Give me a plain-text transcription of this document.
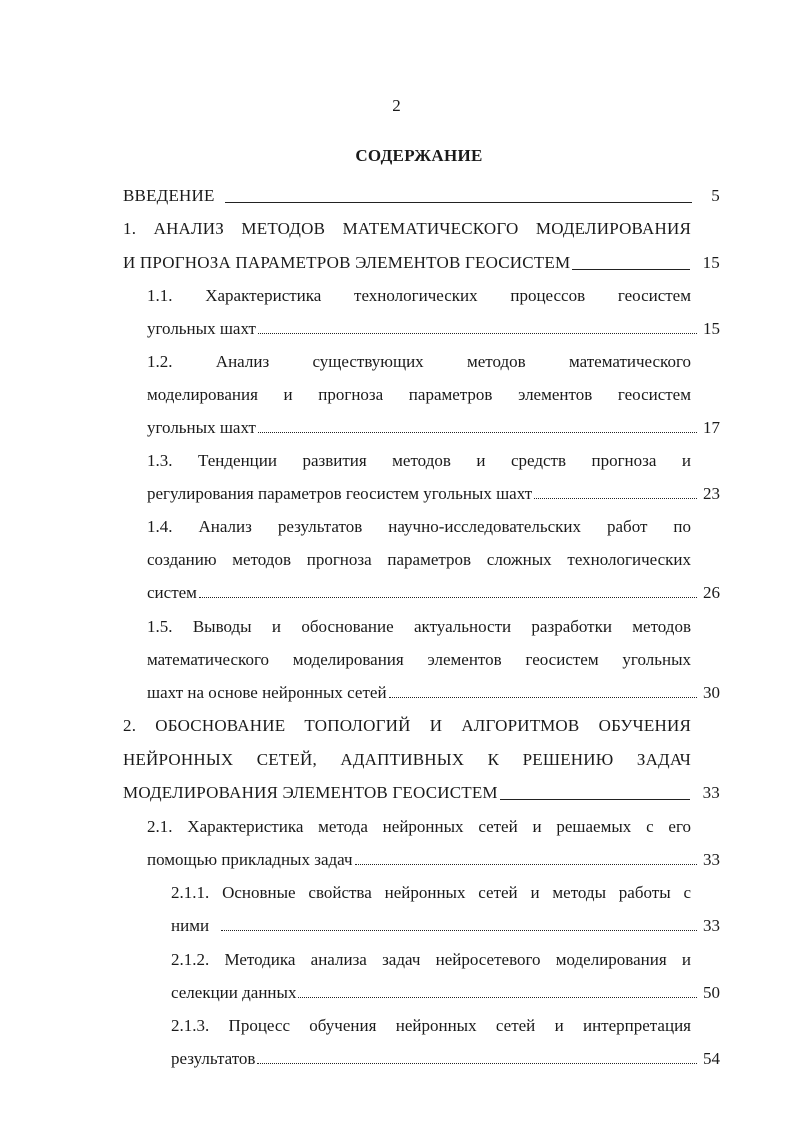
2
СОДЕРЖАНИЕ
ВВЕДЕНИЕ	5
1. АНАЛИЗ МЕТОДОВ МАТЕМАТИЧЕСКОГО МОДЕЛИРОВАНИЯ
И ПРОГНОЗА ПАРАМЕТРОВ ЭЛЕМЕНТОВ ГЕОСИСТЕМ	15
1.1. Характеристика технологических процессов геосистем
угольных шахт	15
1.2. Анализ существующих методов математического
моделирования и прогноза параметров элементов геосистем
угольных шахт	17
1.3. Тенденции развития методов и средств прогноза и
регулирования параметров геосистем угольных шахт	23
1.4. Анализ результатов научно-исследовательских работ по
созданию методов прогноза параметров сложных технологических
систем	26
1.5. Выводы и обоснование актуальности разработки методов
математического моделирования элементов геосистем угольных
шахт на основе нейронных сетей	30
2. ОБОСНОВАНИЕ ТОПОЛОГИЙ И АЛГОРИТМОВ ОБУЧЕНИЯ
НЕЙРОННЫХ СЕТЕЙ, АДАПТИВНЫХ К РЕШЕНИЮ ЗАДАЧ
МОДЕЛИРОВАНИЯ ЭЛЕМЕНТОВ ГЕОСИСТЕМ	33
2.1. Характеристика метода нейронных сетей и решаемых с его
помощью прикладных задач	33
2.1.1. Основные свойства нейронных сетей и методы работы с
ними	33
2.1.2. Методика анализа задач нейросетевого моделирования и
селекции данных	50
2.1.3. Процесс обучения нейронных сетей и интерпретация
результатов	54
